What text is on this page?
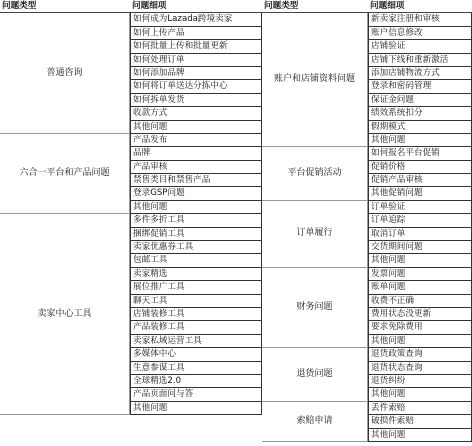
问题类型	问题细项
普通咨询
如何成为Lazada跨境卖家
如何上传产品
如何批量上传和批量更新
如何处理订单
如何添加品牌
如何将订单送达分拣中心
如何拆单发货
收款方式
其他问题
六合一平台和产品问题
产品发布
品牌
产品审核
禁售类目和禁售产品
登录GSP问题
其他问题
卖家中心工具
多件多折工具
捆绑促销工具
卖家优惠券工具
包邮工具
卖家精选
展位推广工具
聊天工具
店铺装修工具
产品装修工具
卖家私域运营工具
多媒体中心
生意参谋工具
全球精选2.0
产品页面问与答
其他问题
问题类型	问题细项
账户和店铺资料问题
新卖家注册和审核
账户信息修改
店铺验证
店铺下线和重新激活
添加店铺物流方式
登录和密码管理
保证金问题
绩效系统扣分
假期模式
其他问题
平台促销活动
如何报名平台促销
促销价格
促销产品审核
其他促销问题
订单履行
订单验证
订单追踪
取消订单
交货期间问题
其他问题
财务问题
发票问题
账单问题
收费不正确
费用状态没更新
要求免除费用
其他问题
退货问题
退货政策查询
退货状态查询
退货纠纷
其他问题
索赔申请
丢件索赔
破损件索赔
其他问题
